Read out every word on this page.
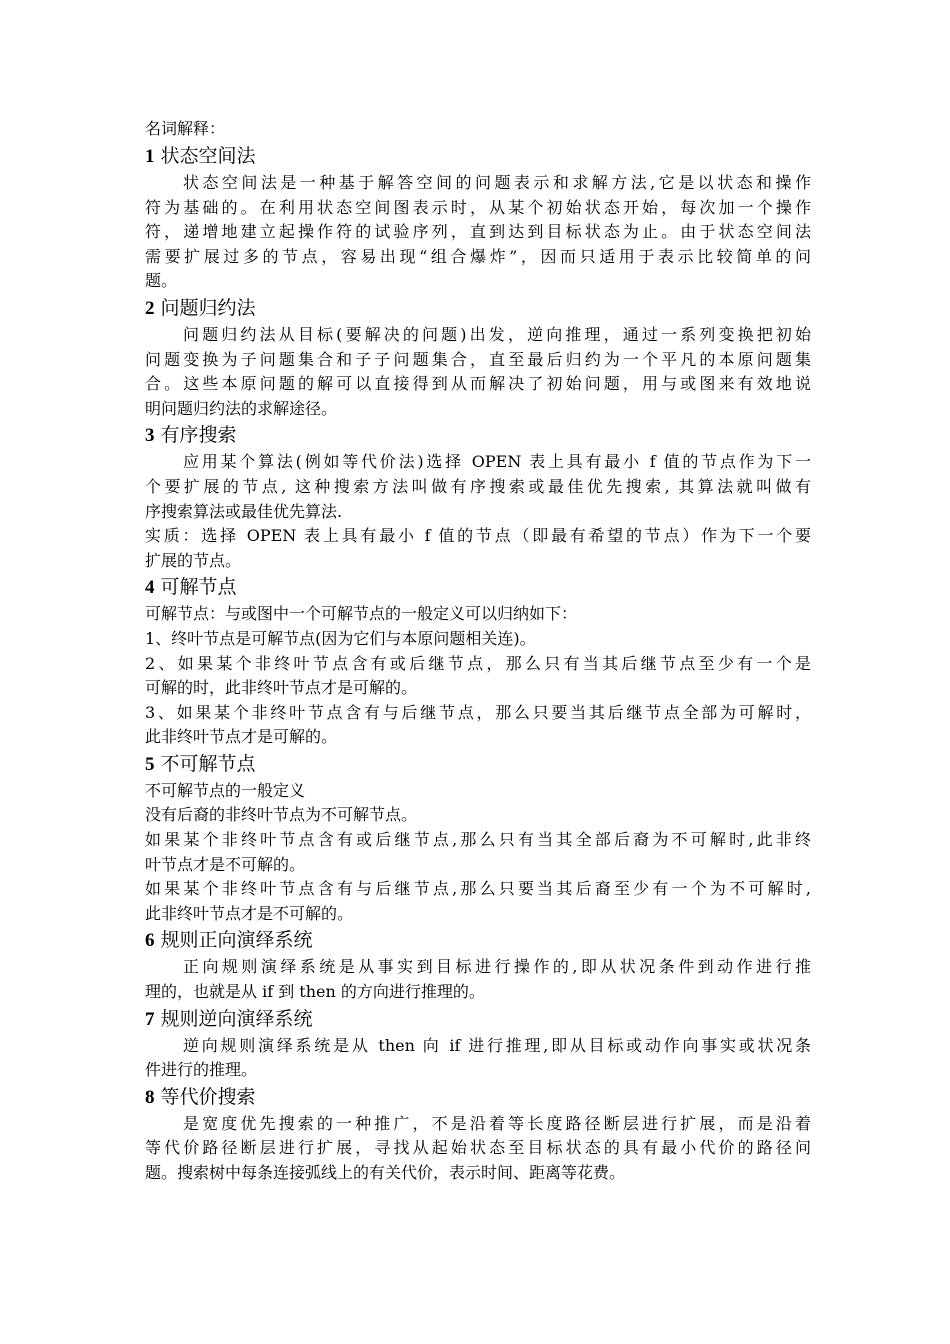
名词解释：
1 状态空间法
状态空间法是一种基于解答空间的问题表示和求解方法,它是以状态和操作
符为基础的。在利用状态空间图表示时，从某个初始状态开始，每次加一个操作
符，递增地建立起操作符的试验序列，直到达到目标状态为止。由于状态空间法
需要扩展过多的节点，容易出现“组合爆炸”，因而只适用于表示比较简单的问
题。
2 问题归约法
问题归约法从目标(要解决的问题)出发，逆向推理，通过一系列变换把初始
问题变换为子问题集合和子子问题集合，直至最后归约为一个平凡的本原问题集
合。这些本原问题的解可以直接得到从而解决了初始问题，用与或图来有效地说
明问题归约法的求解途径。
3 有序搜索
应用某个算法(例如等代价法)选择 OPEN 表上具有最小 f 值的节点作为下一
个要扩展的节点, 这种搜索方法叫做有序搜索或最佳优先搜索, 其算法就叫做有
序搜索算法或最佳优先算法.
实质：选择 OPEN 表上具有最小 f 值的节点（即最有希望的节点）作为下一个要
扩展的节点。
4 可解节点
可解节点：与或图中一个可解节点的一般定义可以归纳如下：
1、终叶节点是可解节点(因为它们与本原问题相关连)。
2、如果某个非终叶节点含有或后继节点，那么只有当其后继节点至少有一个是
可解的时，此非终叶节点才是可解的。
3、如果某个非终叶节点含有与后继节点，那么只要当其后继节点全部为可解时，
此非终叶节点才是可解的。
5 不可解节点
不可解节点的一般定义
没有后裔的非终叶节点为不可解节点。
如果某个非终叶节点含有或后继节点,那么只有当其全部后裔为不可解时,此非终
叶节点才是不可解的。
如果某个非终叶节点含有与后继节点,那么只要当其后裔至少有一个为不可解时,
此非终叶节点才是不可解的。
6 规则正向演绎系统
正向规则演绎系统是从事实到目标进行操作的,即从状况条件到动作进行推
理的，也就是从 if 到 then 的方向进行推理的。
7 规则逆向演绎系统
逆向规则演绎系统是从 then 向 if 进行推理,即从目标或动作向事实或状况条
件进行的推理。
8 等代价搜索
是宽度优先搜索的一种推广，不是沿着等长度路径断层进行扩展，而是沿着
等代价路径断层进行扩展，寻找从起始状态至目标状态的具有最小代价的路径问
题。搜索树中每条连接弧线上的有关代价，表示时间、距离等花费。
